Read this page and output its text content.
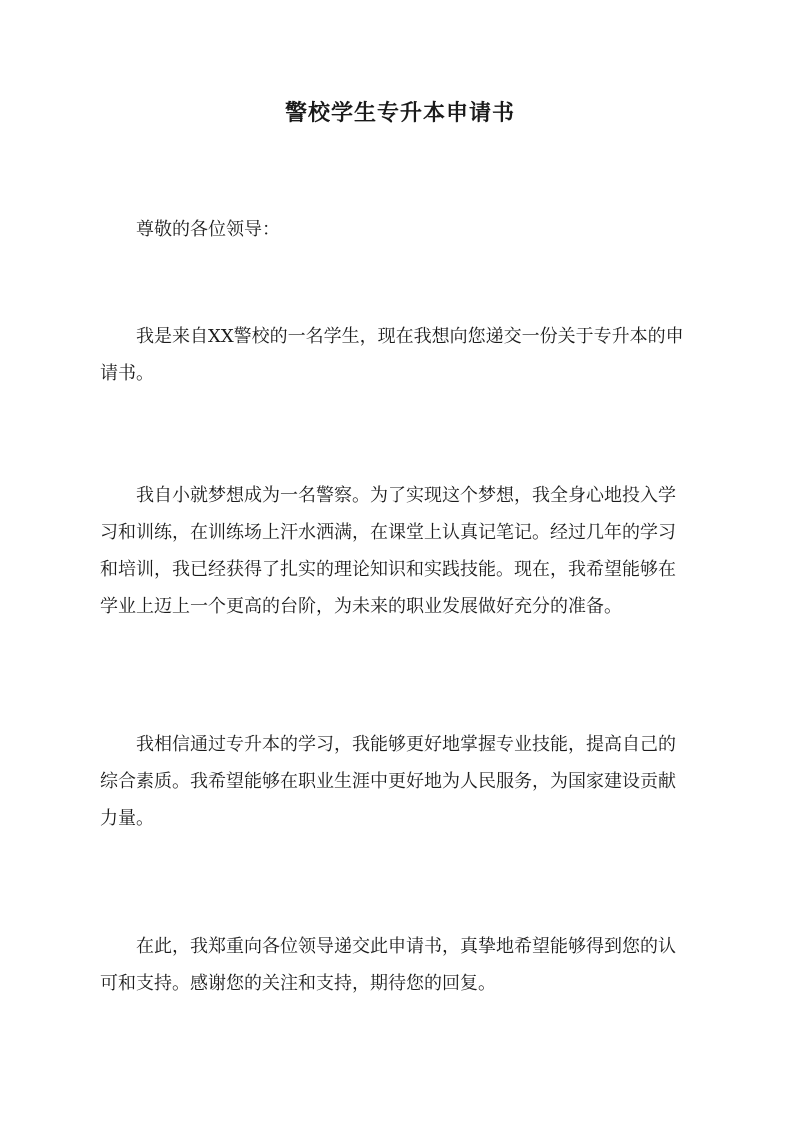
警校学生专升本申请书
尊敬的各位领导：
我是来自XX警校的一名学生，现在我想向您递交一份关于专升本的申
请书。
我自小就梦想成为一名警察。为了实现这个梦想，我全身心地投入学
习和训练，在训练场上汗水洒满，在课堂上认真记笔记。经过几年的学习
和培训，我已经获得了扎实的理论知识和实践技能。现在，我希望能够在
学业上迈上一个更高的台阶，为未来的职业发展做好充分的准备。
我相信通过专升本的学习，我能够更好地掌握专业技能，提高自己的
综合素质。我希望能够在职业生涯中更好地为人民服务，为国家建设贡献
力量。
在此，我郑重向各位领导递交此申请书，真挚地希望能够得到您的认
可和支持。感谢您的关注和支持，期待您的回复。
